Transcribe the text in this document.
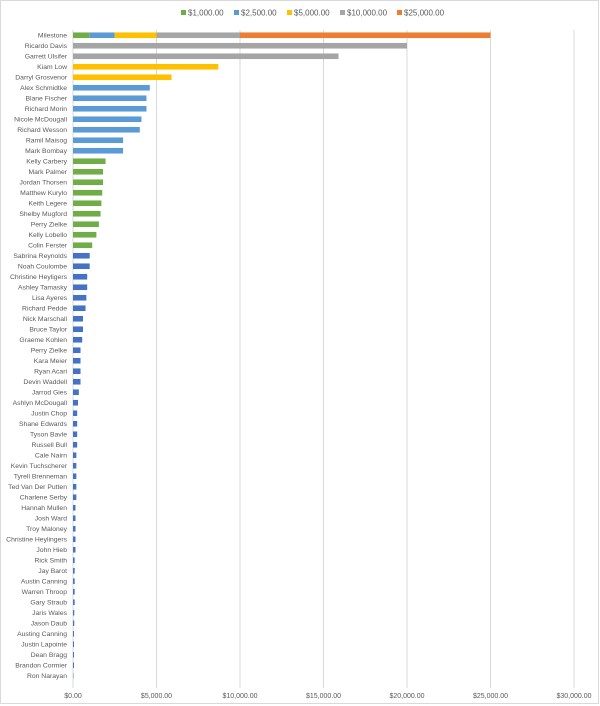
$1,000.00 $2,500.00 $5,000.00 $10,000.00 $25,000.00
Milestone
Ricardo Davis
Garrett Ulsifer
Kiam Low
Darryl Grosvenor
Alex Schmidtke
Blane Fischer
Richard Morin
Nicole McDougall
Richard Wesson
Ramil Maisog
Mark Bombay
Kelly Carbery
Mark Palmer
Jordan Thorsen
Matthew Kurylo
Keith Legere
Shelby Mugford
Perry Zielke
Kelly Lobello
Colin Ferster
Sabrina Reynolds
Noah Coulombe
Christine Heyligers
Ashley Tamasky
Lisa Ayeres
Richard Pedde
Nick Marschall
Bruce Taylor
Graeme Kohlen
Perry Zielke
Kara Meier
Ryan Acari
Devin Waddell
Jarrod Gies
Ashlyn McDougall
Justin Chop
Shane Edwards
Tyson Bavle
Russell Bull
Cale Nairn
Kevin Tuchscherer
Tyrell Brenneman
Ted Van Der Putten
Charlene Serby
Hannah Mullen
Josh Ward
Troy Maloney
Christine Heylingers
John Hieb
Rick Smith
Jay Barot
Austin Canning
Warren Throop
Gary Straub
Jaris Wales
Jason Daub
Austing Canning
Justin Lapointe
Dean Bragg
Brandon Cormier
Ron Narayan
$0.00	$5,000.00	$10,000.00	$15,000.00	$20,000.00	$25,000.00	$30,000.00
